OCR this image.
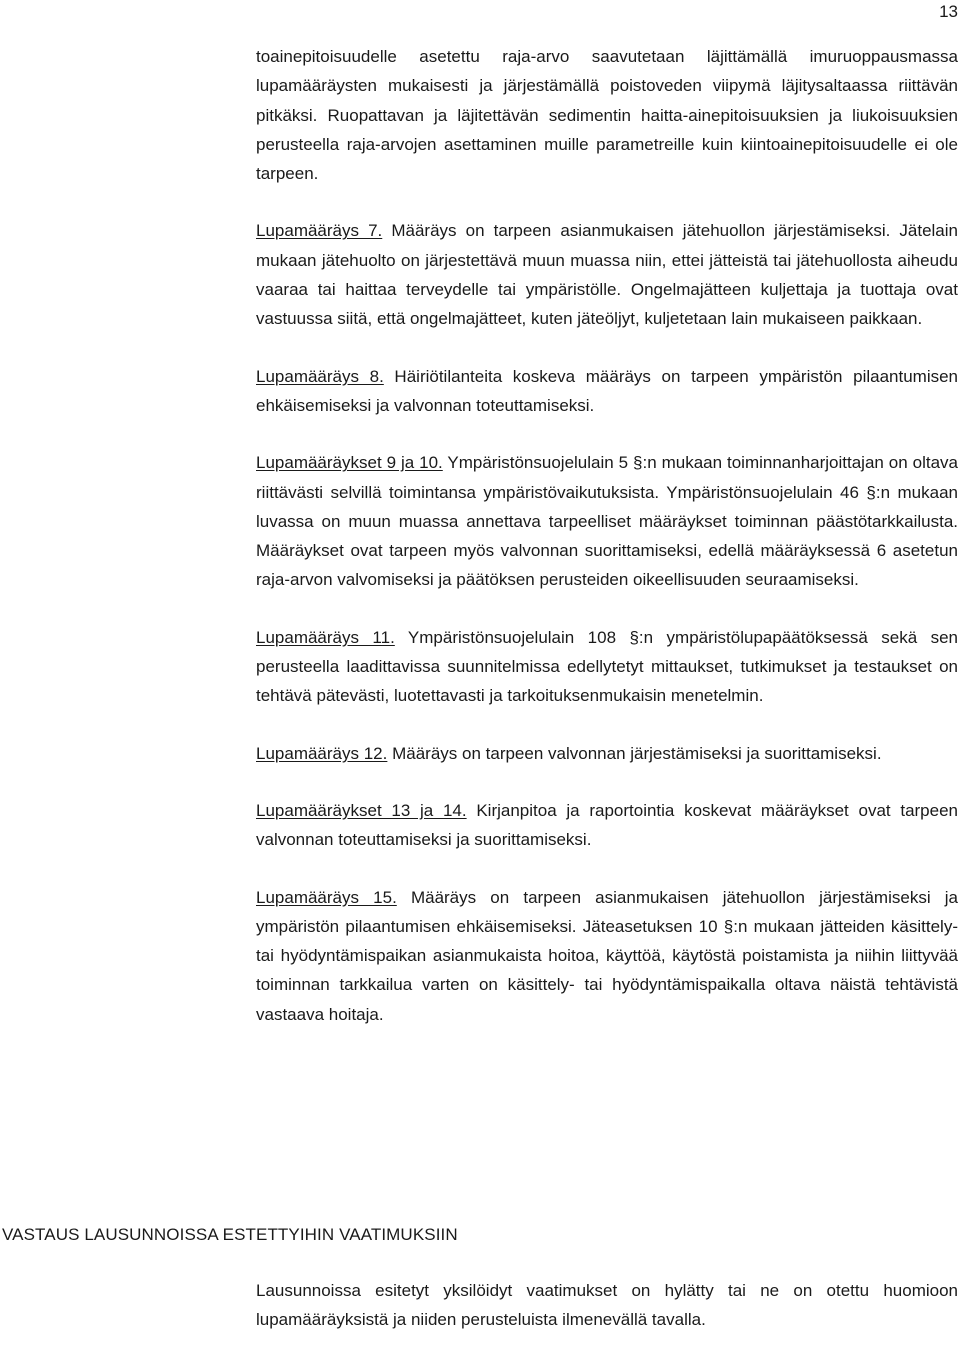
13

toainepitoisuudelle asetettu raja-arvo saavutetaan läjittämällä imuruoppausmassa lupamääräysten mukaisesti ja järjestämällä poistoveden viipymä läjitysaltaassa riittävän pitkäksi. Ruopattavan ja läjitettävän sedimentin haitta-ainepitoisuuksien ja liukoisuuksien perusteella raja-arvojen asettaminen muille parametreille kuin kiintoainepitoisuudelle ei ole tarpeen.

Lupamääräys 7. Määräys on tarpeen asianmukaisen jätehuollon järjestämiseksi. Jätelain mukaan jätehuolto on järjestettävä muun muassa niin, ettei jätteistä tai jätehuollosta aiheudu vaaraa tai haittaa terveydelle tai ympäristölle. Ongelmajätteen kuljettaja ja tuottaja ovat vastuussa siitä, että ongelmajätteet, kuten jäteöljyt, kuljetetaan lain mukaiseen paikkaan.

Lupamääräys 8. Häiriötilanteita koskeva määräys on tarpeen ympäristön pilaantumisen ehkäisemiseksi ja valvonnan toteuttamiseksi.

Lupamääräykset 9 ja 10. Ympäristönsuojelulain 5 §:n mukaan toiminnanharjoittajan on oltava riittävästi selvillä toimintansa ympäristövaikutuksista. Ympäristönsuojelulain 46 §:n mukaan luvassa on muun muassa annettava tarpeelliset määräykset toiminnan päästötarkkailusta. Määräykset ovat tarpeen myös valvonnan suorittamiseksi, edellä määräyksessä 6 asetetun raja-arvon valvomiseksi ja päätöksen perusteiden oikeellisuuden seuraamiseksi.

Lupamääräys 11. Ympäristönsuojelulain 108 §:n ympäristölupapäätöksessä sekä sen perusteella laadittavissa suunnitelmissa edellytetyt mittaukset, tutkimukset ja testaukset on tehtävä pätevästi, luotettavasti ja tarkoituksenmukaisin menetelmin.

Lupamääräys 12. Määräys on tarpeen valvonnan järjestämiseksi ja suorittamiseksi.

Lupamääräykset 13 ja 14. Kirjanpitoa ja raportointia koskevat määräykset ovat tarpeen valvonnan toteuttamiseksi ja suorittamiseksi.

Lupamääräys 15. Määräys on tarpeen asianmukaisen jätehuollon järjestämiseksi ja ympäristön pilaantumisen ehkäisemiseksi. Jäteasetuksen 10 §:n mukaan jätteiden käsittely- tai hyödyntämispaikan asianmukaista hoitoa, käyttöä, käytöstä poistamista ja niihin liittyvää toiminnan tarkkailua varten on käsittely- tai hyödyntämispaikalla oltava näistä tehtävistä vastaava hoitaja.

VASTAUS LAUSUNNOISSA ESTETTYIHIN VAATIMUKSIIN

Lausunnoissa esitetyt yksilöidyt vaatimukset on hylätty tai ne on otettu huomioon lupamääräyksistä ja niiden perusteluista ilmenevällä tavalla.
